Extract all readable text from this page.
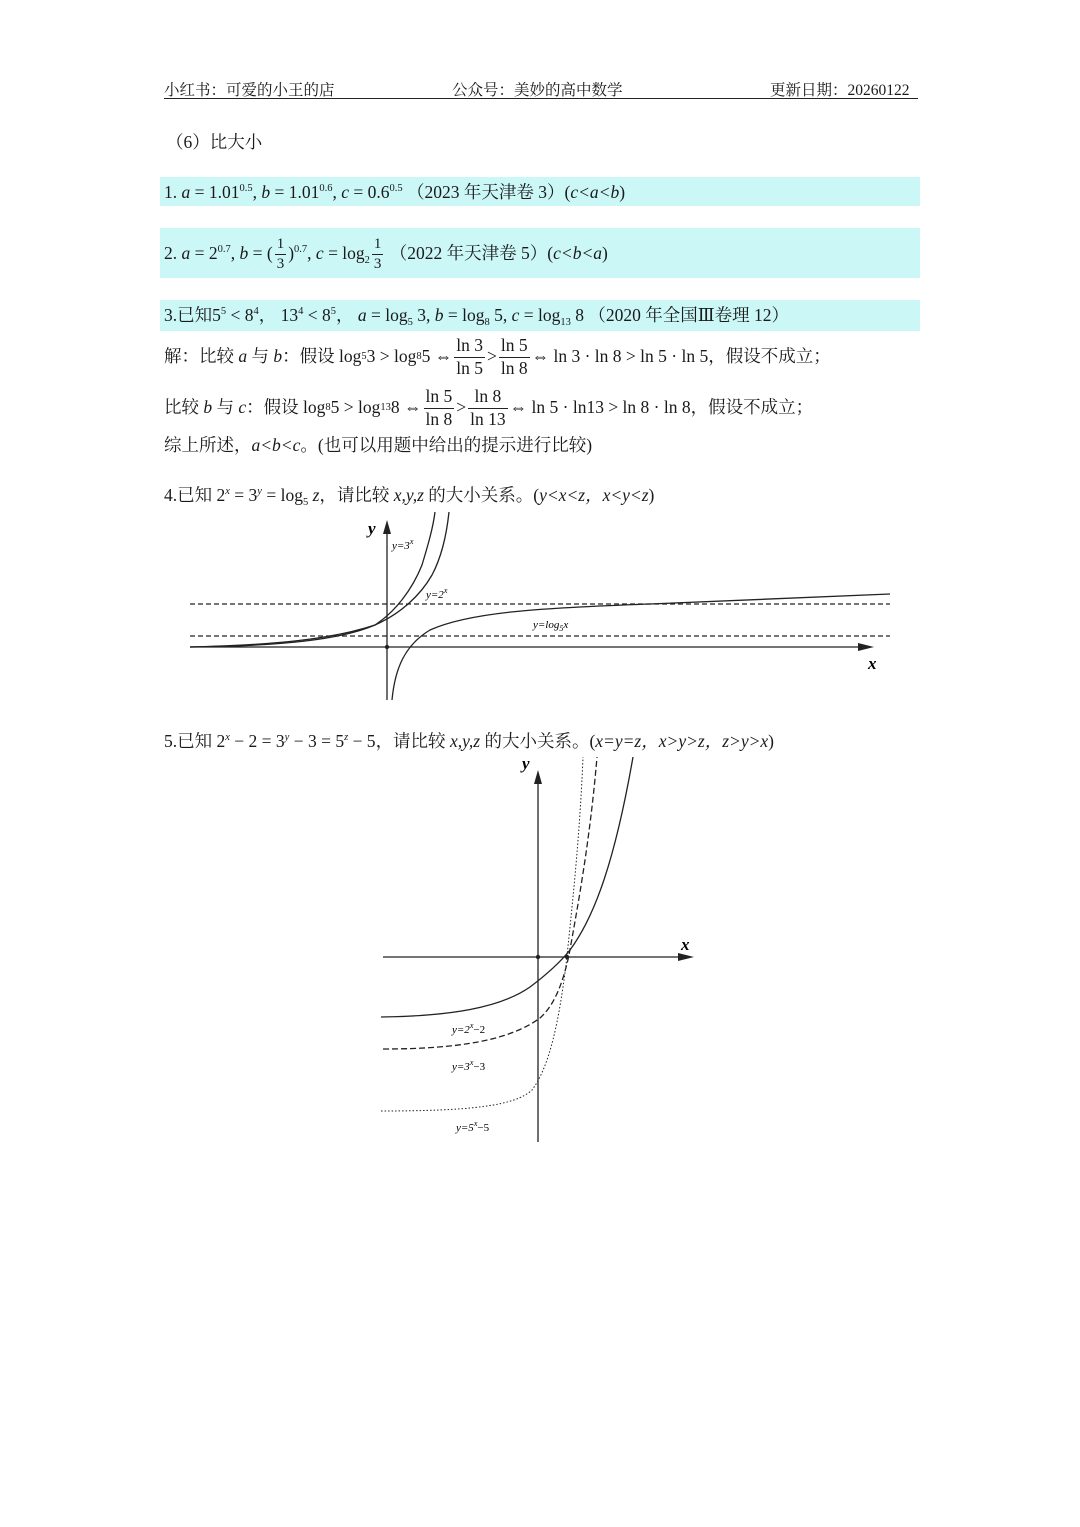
小红书：可爱的小王的店	公众号：美妙的高中数学	更新日期：20260122
（6）比大小
1. $a = 1.01^{0.5}$, $b = 1.01^{0.6}$, $c = 0.6^{0.5}$ （2023 年天津卷 3）(c<a<b)
2. $a = 2^{0.7}$, b = ( $\frac{1}{3} )^{0.7}$, $c = \log_2 \frac{1}{3} (2022$ 年天津卷 5）(c<b<a)
3.已知$5^5 < 8^4$， $13^4 < 8^5$， $a = \log_5 3$, $b = \log_8 5$, $c = \log_{13} 8$ （2020 年全国Ⅲ卷理 12）
解：比较 a 与 b ：假设 log 5 3 > log 8 5 ⇔ $\frac{\ln 3}{\ln 5} > \frac{\ln 5}{\ln 8}$ ⇔ ln 3 · ln 8 > ln 5 · ln 5 ，假设不成立；
比较 b 与 c ：假设 log 8 5 > log 13 8 ⇔ $\frac{\ln 5}{\ln 8} > \frac{\ln 8}{\ln 13}$ ⇔ ln 5 · ln13 > ln 8 · ln 8 ，假设不成立；
综上所述，a<b<c。(也可以用题中给出的提示进行比较)
4.已知 $2^x = 3^y = \log_5 z$，请比较 x,y,z 的大小关系。(y<x<z，x<y<z)
y
x
$y=3^x$
$y=2^x$
$y=\log_5x$
5.已知 $2^x - 2 = 3^y - 3 = 5^z - 5$，请比较 x,y,z 的大小关系。(x=y=z，x>y>z，z>y>x)
y
x
$y=2^x-2$
$y=3^x-3$
$y=5^x-5$
